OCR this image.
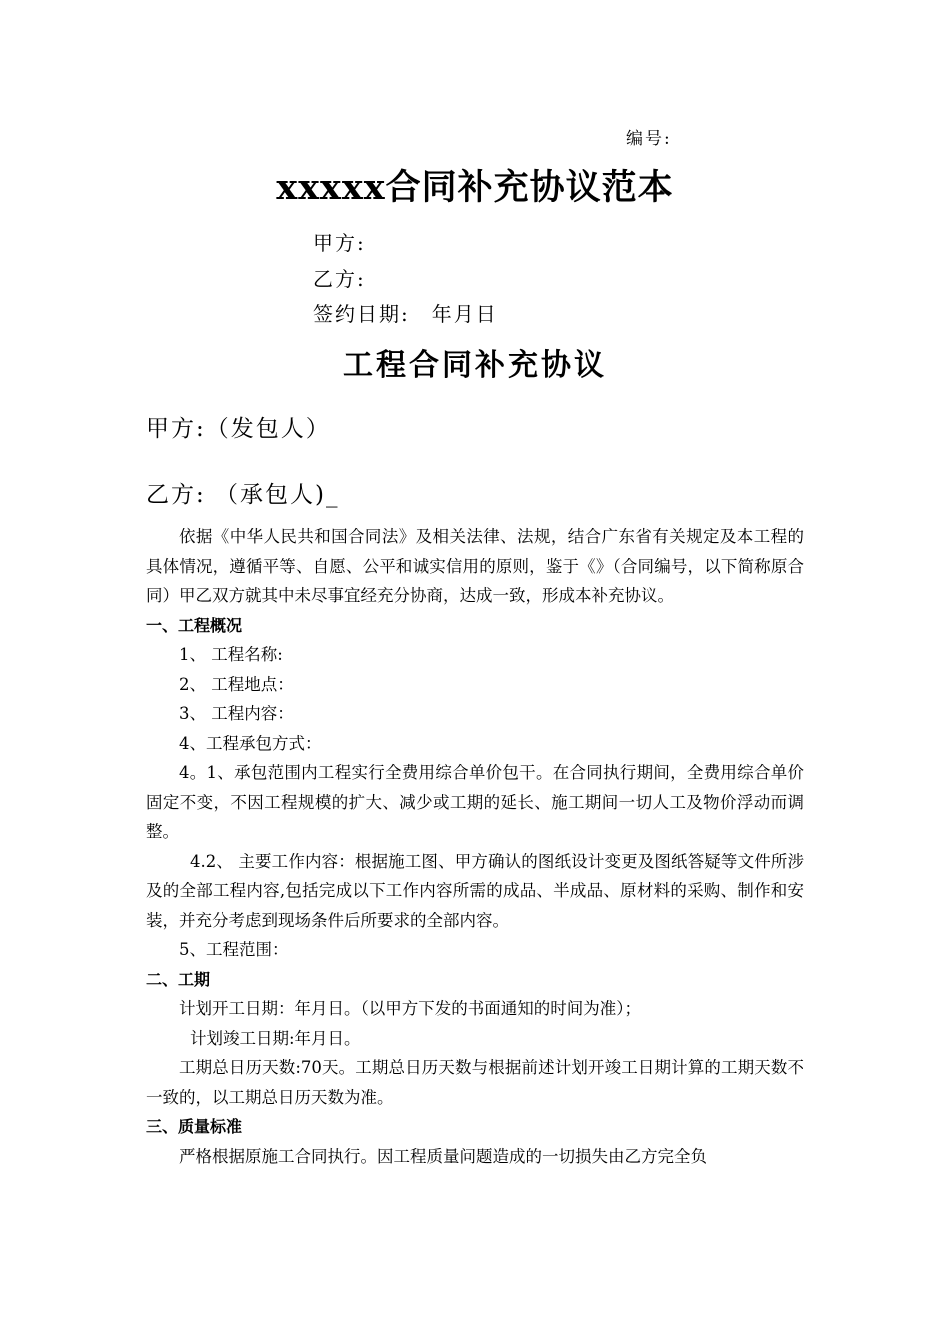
编号:
xxxxx合同补充协议范本
甲方:
乙方:
签约日期: 年月日
工程合同补充协议
甲方:（发包人）
乙方: （承包人)_

依据《中华人民共和国合同法》及相关法律、法规，结合广东省有关规定及本工程的具体情况，遵循平等、自愿、公平和诚实信用的原则，鉴于《》（合同编号，以下简称原合同）甲乙双方就其中未尽事宜经充分协商，达成一致，形成本补充协议。

一、工程概况

1、 工程名称:

2、 工程地点：

3、 工程内容：

4、工程承包方式：

4。1、承包范围内工程实行全费用综合单价包干。在合同执行期间，全费用综合单价固定不变，不因工程规模的扩大、减少或工期的延长、施工期间一切人工及物价浮动而调整。

4.2、 主要工作内容：根据施工图、甲方确认的图纸设计变更及图纸答疑等文件所涉及的全部工程内容,包括完成以下工作内容所需的成品、半成品、原材料的采购、制作和安装，并充分考虑到现场条件后所要求的全部内容。

5、工程范围：

二、工期

计划开工日期：年月日。（以甲方下发的书面通知的时间为准）；

计划竣工日期:年月日。

工期总日历天数:70天。工期总日历天数与根据前述计划开竣工日期计算的工期天数不一致的，以工期总日历天数为准。

三、质量标准

严格根据原施工合同执行。因工程质量问题造成的一切损失由乙方完全负
